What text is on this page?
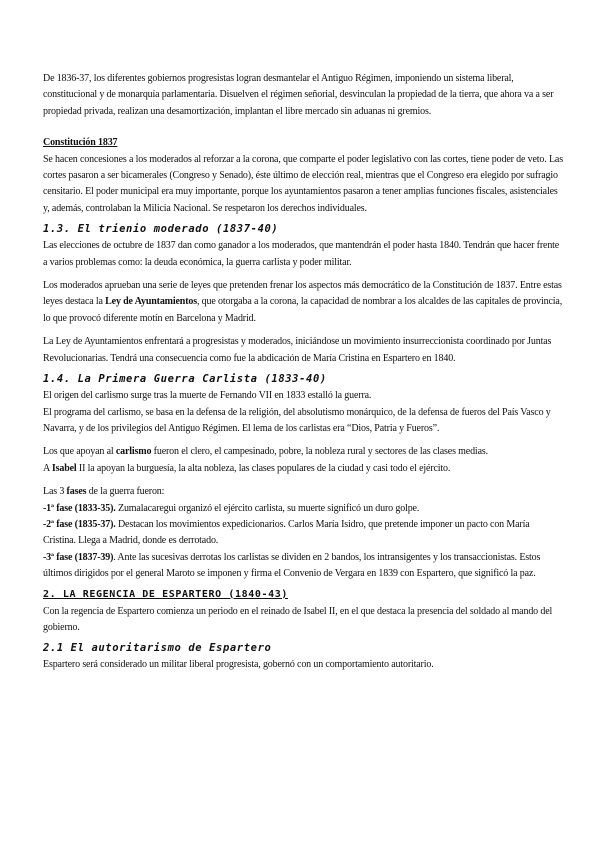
De 1836-37, los diferentes gobiernos progresistas logran desmantelar el Antiguo Régimen, imponiendo un sistema liberal, constitucional y de monarquía parlamentaria. Disuelven el régimen señorial, desvinculan la propiedad de la tierra, que ahora va a ser propiedad privada, realizan una desamortización, implantan el libre mercado sin aduanas ni gremios.

Constitución 1837

Se hacen concesiones a los moderados al reforzar a la corona, que comparte el poder legislativo con las cortes, tiene poder de veto. Las cortes pasaron a ser bicamerales (Congreso y Senado), éste último de elección real, mientras que el Congreso era elegido por sufragio censitario. El poder municipal era muy importante, porque los ayuntamientos pasaron a tener amplias funciones fiscales, asistenciales y, además, controlaban la Milicia Nacional. Se respetaron los derechos individuales.

1.3. El trienio moderado (1837-40)

Las elecciones de octubre de 1837 dan como ganador a los moderados, que mantendrán el poder hasta 1840. Tendrán que hacer frente a varios problemas como: la deuda económica, la guerra carlista y poder militar.

Los moderados aprueban una serie de leyes que pretenden frenar los aspectos más democrático de la Constitución de 1837. Entre estas leyes destaca la Ley de Ayuntamientos, que otorgaba a la corona, la capacidad de nombrar a los alcaldes de las capitales de provincia, lo que provocó diferente motín en Barcelona y Madrid.

La Ley de Ayuntamientos enfrentará a progresistas y moderados, iniciándose un movimiento insurreccionista coordinado por Juntas Revolucionarias. Tendrá una consecuencia como fue la abdicación de María Cristina en Espartero en 1840.

1.4. La Primera Guerra Carlista (1833-40)

El origen del carlismo surge tras la muerte de Fernando VII en 1833 estalló la guerra.

El programa del carlismo, se basa en la defensa de la religión, del absolutismo monárquico, de la defensa de fueros del País Vasco y Navarra, y de los privilegios del Antiguo Régimen. El lema de los carlistas era “Dios, Patria y Fueros”.

Los que apoyan al carlismo fueron el clero, el campesinado, pobre, la nobleza rural y sectores de las clases medias.

A Isabel II la apoyan la burguesía, la alta nobleza, las clases populares de la ciudad y casi todo el ejército.

Las 3 fases de la guerra fueron:

-1ª fase (1833-35). Zumalacaregui organizó el ejército carlista, su muerte significó un duro golpe.

-2ª fase (1835-37). Destacan los movimientos expedicionarios. Carlos María Isidro, que pretende imponer un pacto con María Cristina. Llega a Madrid, donde es derrotado.

-3ª fase (1837-39). Ante las sucesivas derrotas los carlistas se dividen en 2 bandos, los intransigentes y los transaccionistas. Estos últimos dirigidos por el general Maroto se imponen y firma el Convenio de Vergara en 1839 con Espartero, que significó la paz.

2. LA REGENCIA DE ESPARTERO (1840-43)

Con la regencia de Espartero comienza un periodo en el reinado de Isabel II, en el que destaca la presencia del soldado al mando del gobierno.

2.1 El autoritarismo de Espartero

Espartero será considerado un militar liberal progresista, gobernó con un comportamiento autoritario.
